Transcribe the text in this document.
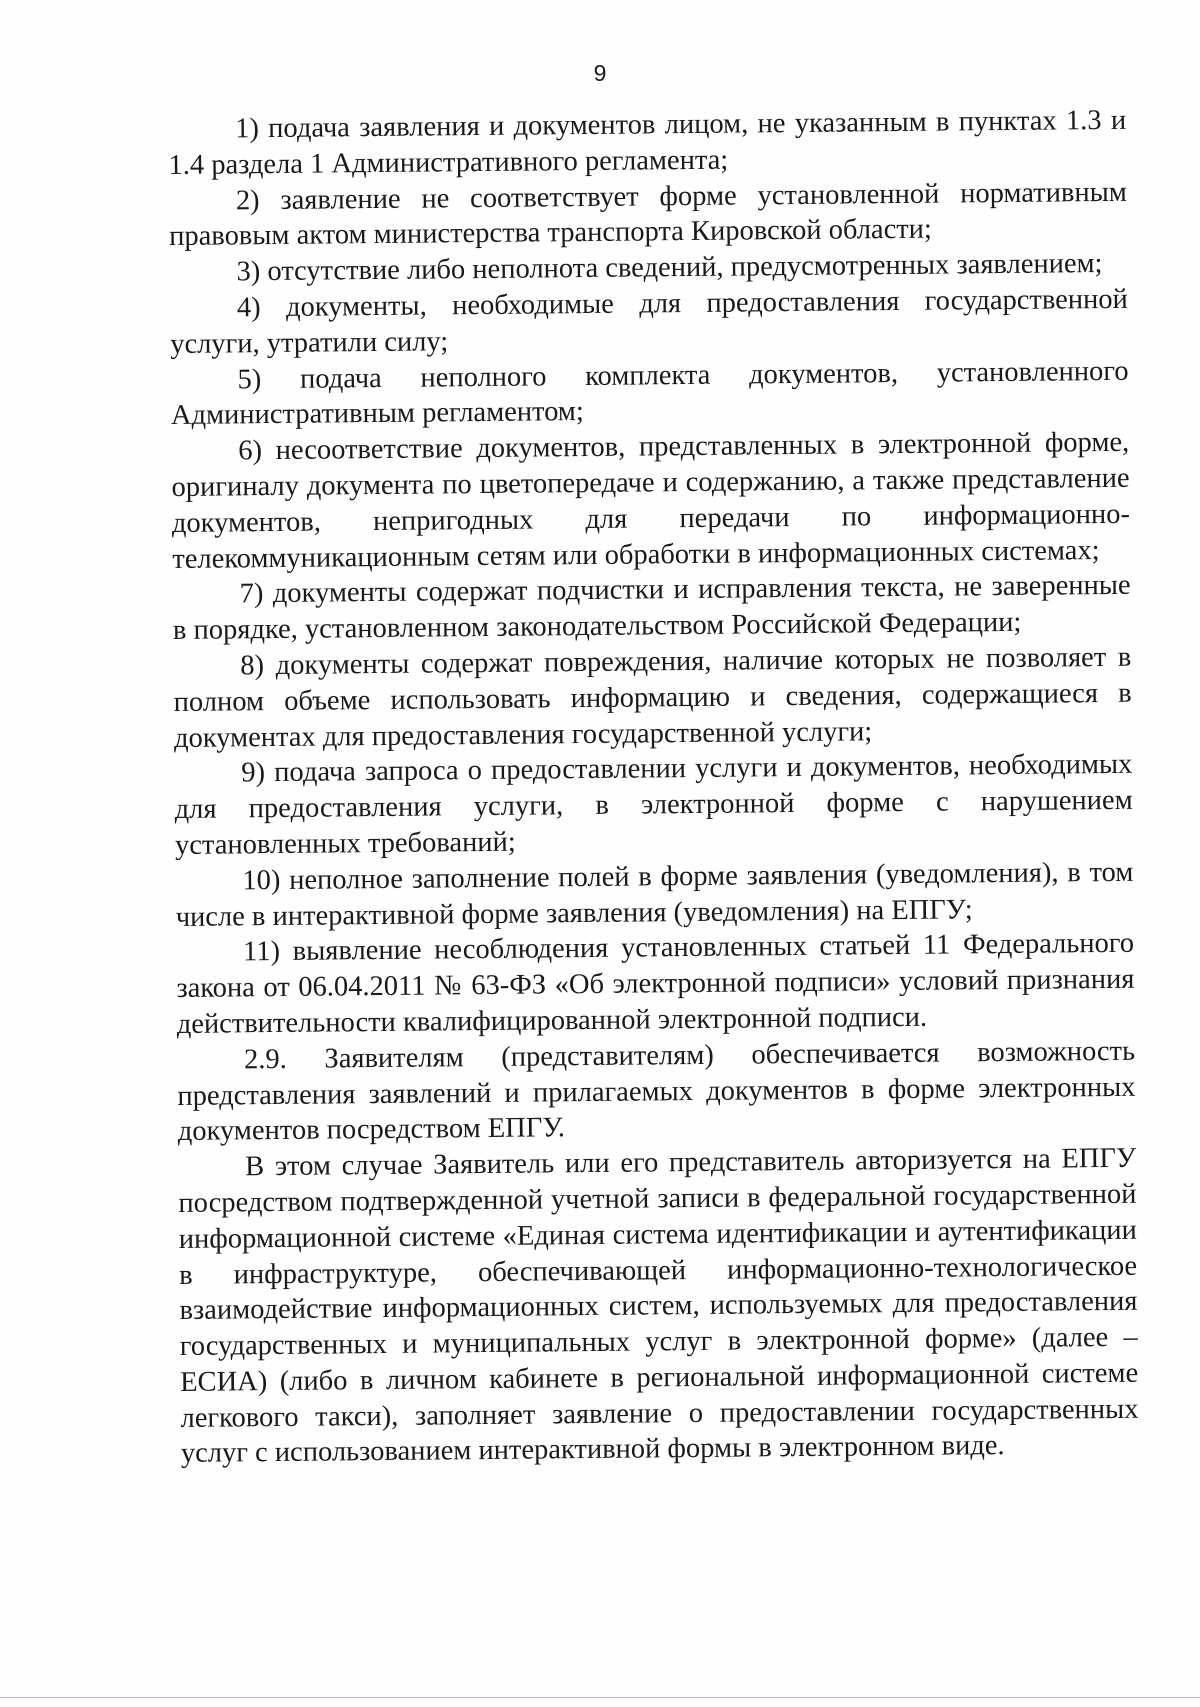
9

1) подача заявления и документов лицом, не указанным в пунктах 1.3 и 1.4 раздела 1 Административного регламента;

2) заявление не соответствует форме установленной нормативным правовым актом министерства транспорта Кировской области;

3) отсутствие либо неполнота сведений, предусмотренных заявлением;

4) документы, необходимые для предоставления государственной услуги, утратили силу;

5) подача неполного комплекта документов, установленного Административным регламентом;

6) несоответствие документов, представленных в электронной форме, оригиналу документа по цветопередаче и содержанию, а также представление документов, непригодных для передачи по информационно-телекоммуникационным сетям или обработки в информационных системах;

7) документы содержат подчистки и исправления текста, не заверенные в порядке, установленном законодательством Российской Федерации;

8) документы содержат повреждения, наличие которых не позволяет в полном объеме использовать информацию и сведения, содержащиеся в документах для предоставления государственной услуги;

9) подача запроса о предоставлении услуги и документов, необходимых для предоставления услуги, в электронной форме с нарушением установленных требований;

10) неполное заполнение полей в форме заявления (уведомления), в том числе в интерактивной форме заявления (уведомления) на ЕПГУ;

11) выявление несоблюдения установленных статьей 11 Федерального закона от 06.04.2011 № 63-ФЗ «Об электронной подписи» условий признания действительности квалифицированной электронной подписи.

2.9. Заявителям (представителям) обеспечивается возможность представления заявлений и прилагаемых документов в форме электронных документов посредством ЕПГУ.

В этом случае Заявитель или его представитель авторизуется на ЕПГУ посредством подтвержденной учетной записи в федеральной государственной информационной системе «Единая система идентификации и аутентификации в инфраструктуре, обеспечивающей информационно-технологическое взаимодействие информационных систем, используемых для предоставления государственных и муниципальных услуг в электронной форме» (далее – ЕСИА) (либо в личном кабинете в региональной информационной системе легкового такси), заполняет заявление о предоставлении государственных услуг с использованием интерактивной формы в электронном виде.
